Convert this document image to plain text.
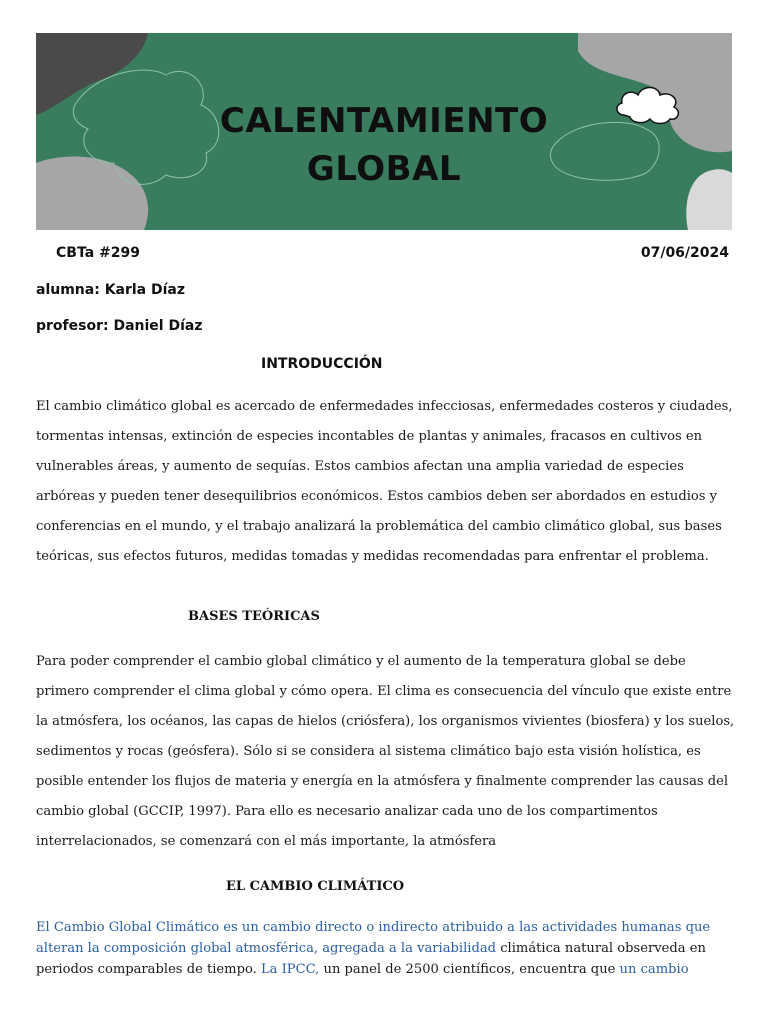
CALENTAMIENTO
GLOBAL
CBTa #299	07/06/2024
alumna: Karla Díaz
profesor: Daniel Díaz
INTRODUCCIÓN

El cambio climático global es acercado de enfermedades infecciosas, enfermedades costeros y ciudades, tormentas intensas, extinción de especies incontables de plantas y animales, fracasos en cultivos en vulnerables áreas, y aumento de sequías. Estos cambios afectan una amplia variedad de especies arbóreas y pueden tener desequilibrios económicos. Estos cambios deben ser abordados en estudios y conferencias en el mundo, y el trabajo analizará la problemática del cambio climático global, sus bases teóricas, sus efectos futuros, medidas tomadas y medidas recomendadas para enfrentar el problema.

BASES TEÓRICAS

Para poder comprender el cambio global climático y el aumento de la temperatura global se debe primero comprender el clima global y cómo opera. El clima es consecuencia del vínculo que existe entre la atmósfera, los océanos, las capas de hielos (criósfera), los organismos vivientes (biosfera) y los suelos, sedimentos y rocas (geósfera). Sólo si se considera al sistema climático bajo esta visión holística, es posible entender los flujos de materia y energía en la atmósfera y finalmente comprender las causas del cambio global (GCCIP, 1997). Para ello es necesario analizar cada uno de los compartimentos interrelacionados, se comenzará con el más importante, la atmósfera

EL CAMBIO CLIMÁTICO

El Cambio Global Climático es un cambio directo o indirecto atribuido a las actividades humanas que alteran la composición global atmosférica, agregada a la variabilidad climática natural observeda en periodos comparables de tiempo. La IPCC, un panel de 2500 científicos, encuentra que un cambio
